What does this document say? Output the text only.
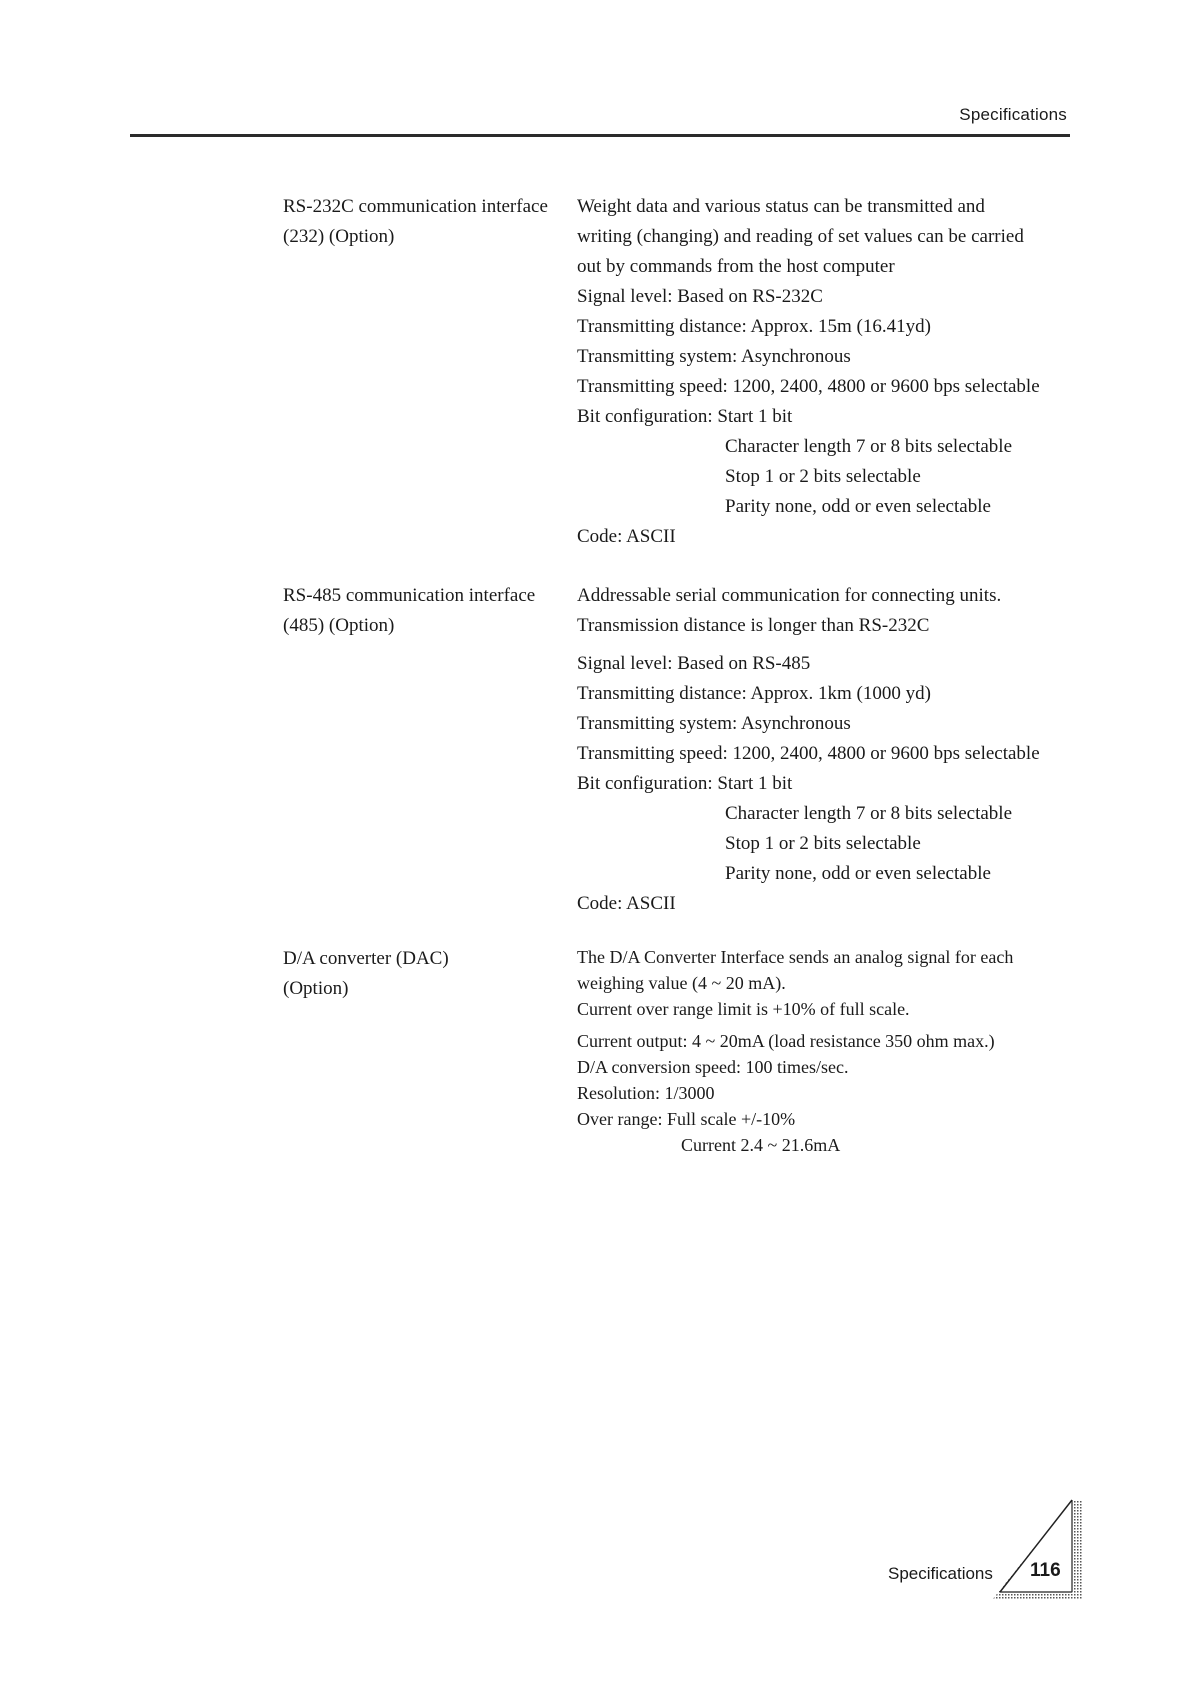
Specifications
RS-232C communication interface
(232) (Option)
Weight data and various status can be transmitted and
writing (changing) and reading of set values can be carried
out by commands from the host computer
Signal level: Based on RS-232C
Transmitting distance: Approx. 15m (16.41yd)
Transmitting system: Asynchronous
Transmitting speed: 1200, 2400, 4800 or 9600 bps selectable
Bit configuration: Start 1 bit
Character length 7 or 8 bits selectable
Stop 1 or 2 bits selectable
Parity none, odd or even selectable
Code: ASCII
RS-485 communication interface
(485) (Option)
Addressable serial communication for connecting units.
Transmission distance is longer than RS-232C
Signal level: Based on RS-485
Transmitting distance: Approx. 1km (1000 yd)
Transmitting system: Asynchronous
Transmitting speed: 1200, 2400, 4800 or 9600 bps selectable
Bit configuration: Start 1 bit
Character length 7 or 8 bits selectable
Stop 1 or 2 bits selectable
Parity none, odd or even selectable
Code: ASCII
D/A converter (DAC)
(Option)
The D/A Converter Interface sends an analog signal for each
weighing value (4 ~ 20 mA).
Current over range limit is +10% of full scale.
Current output: 4 ~ 20mA (load resistance 350 ohm max.)
D/A conversion speed: 100 times/sec.
Resolution: 1/3000
Over range: Full scale +/-10%
Current 2.4 ~ 21.6mA
Specifications 116
